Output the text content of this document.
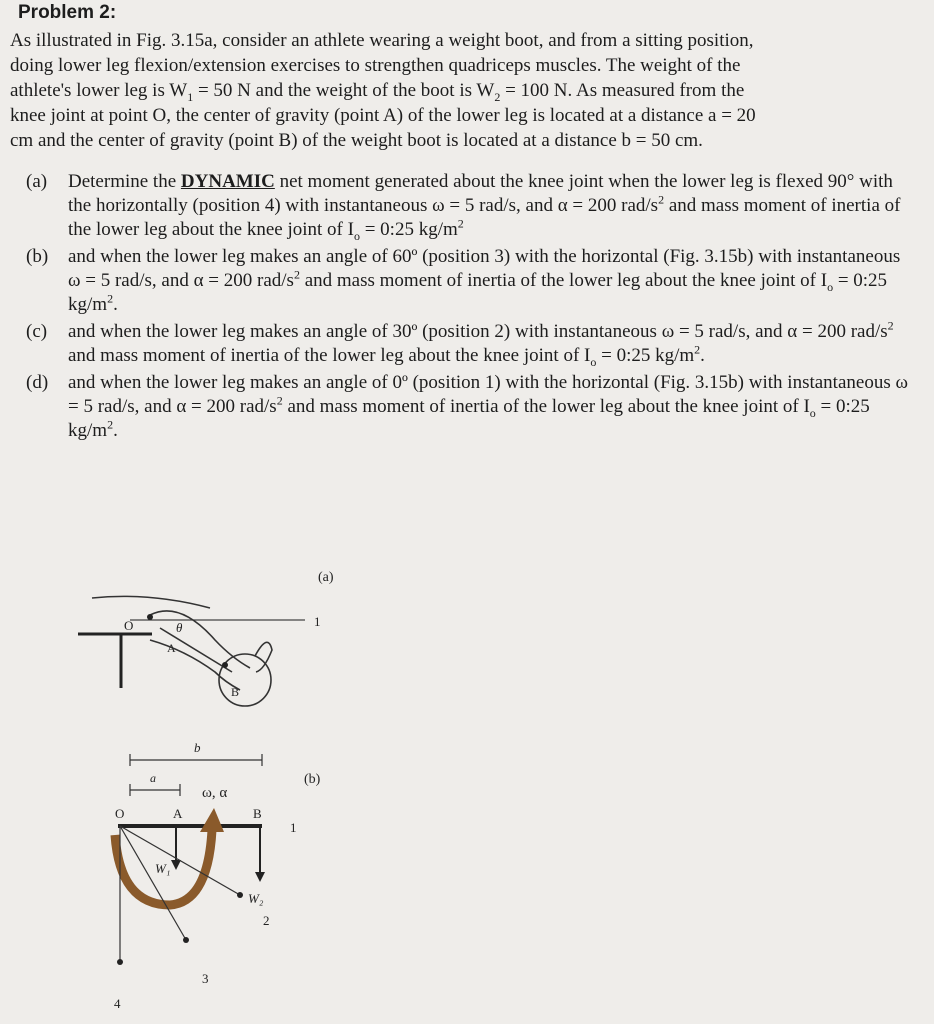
Problem 2:
As illustrated in Fig. 3.15a, consider an athlete wearing a weight boot, and from a sitting position,
doing lower leg flexion/extension exercises to strengthen quadriceps muscles. The weight of the
athlete's lower leg is $W_1 = 50$ N and the weight of the boot is $W_2 = 100$ N. As measured from the
knee joint at point O, the center of gravity (point A) of the lower leg is located at a distance a = 20
cm and the center of gravity (point B) of the weight boot is located at a distance b = 50 cm.
(a)	Determine the DYNAMIC net moment generated about the knee joint when the lower leg is flexed 90° with the horizontally (position 4) with instantaneous ω = 5 rad/s, and α = 200 rad/$s^2$ and mass moment of inertia of the lower leg about the knee joint of $I_o$ = 0:25 $kg/m^2$
(b)	and when the lower leg makes an angle of 60º (position 3) with the horizontal (Fig. 3.15b) with instantaneous ω = 5 rad/s, and α = 200 rad/$s^2$ and mass moment of inertia of the lower leg about the knee joint of $I_o$ = 0:25 $kg/m^2$.
(c)	and when the lower leg makes an angle of 30º (position 2) with instantaneous ω = 5 rad/s, and α = 200 rad/$s^2$ and mass moment of inertia of the lower leg about the knee joint of $I_o$ = 0:25 $kg/m^2$.
(d)	and when the lower leg makes an angle of 0º (position 1) with the horizontal (Fig. 3.15b) with instantaneous ω = 5 rad/s, and α = 200 rad/$s^2$ and mass moment of inertia of the lower leg about the knee joint of $I_o$ = 0:25 $kg/m^2$.
(a)
1
O	θ
A
B
(b)
b
a
ω, α
O	A	B
1
2
3
4
W₁
W₂
